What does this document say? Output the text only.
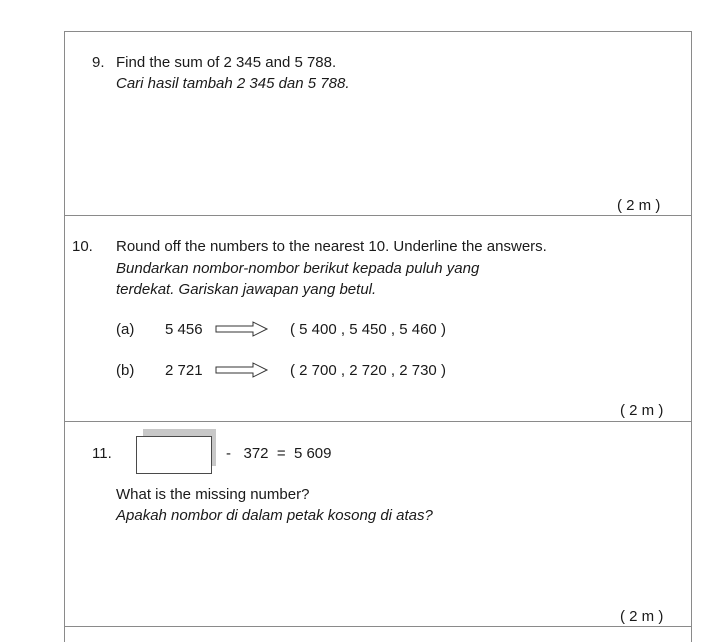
9. Find the sum of 2 345 and 5 788.
Cari hasil tambah 2 345 dan 5 788.
( 2 m )
10. Round off the numbers to the nearest 10. Underline the answers.
Bundarkan nombor-nombor berikut kepada puluh yang
terdekat. Gariskan jawapan yang betul.
(a) 5 456	( 5 400 , 5 450 , 5 460 )
(b) 2 721	( 2 700 , 2 720 , 2 730 )
( 2 m )
11.	-   372  =  5 609
What is the missing number?
Apakah nombor di dalam petak kosong di atas?
( 2 m )
